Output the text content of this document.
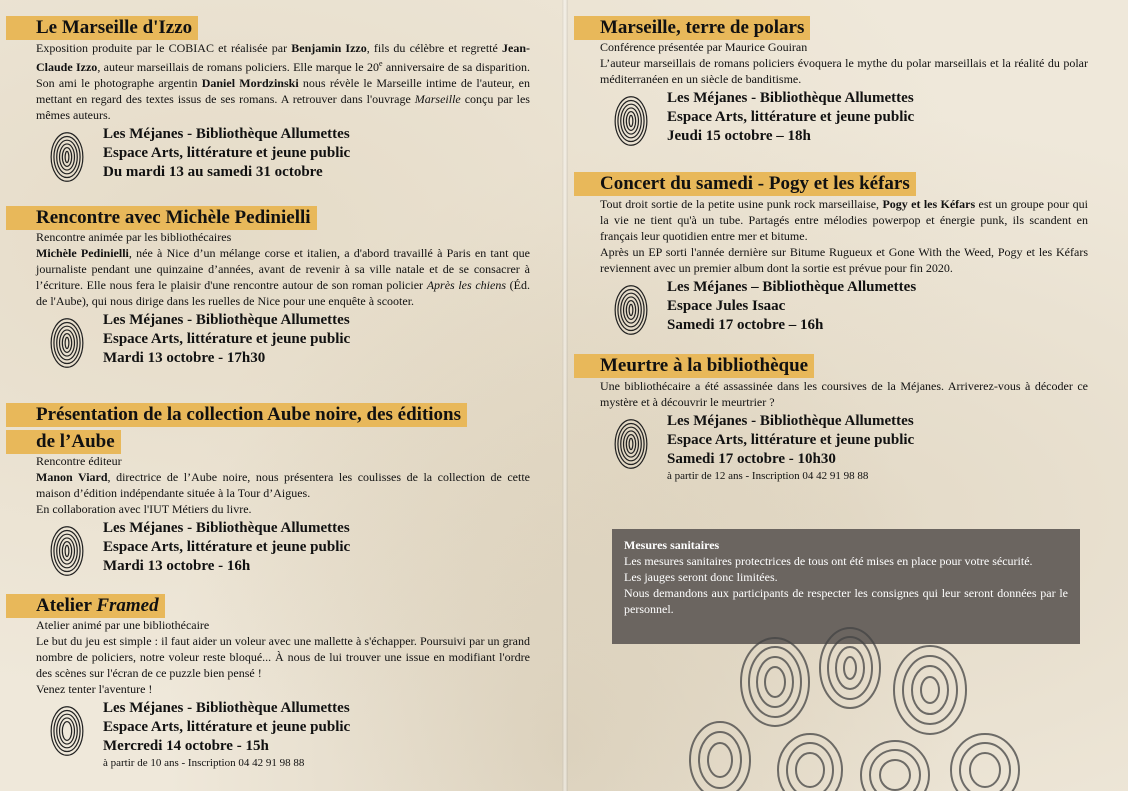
Le Marseille d'Izzo
Exposition produite par le COBIAC et réalisée par Benjamin Izzo, fils du célèbre et regretté Jean-Claude Izzo, auteur marseillais de romans policiers. Elle marque le 20e anniversaire de sa disparition. Son ami le photographe argentin Daniel Mordzinski nous révèle le Marseille intime de l'auteur, en mettant en regard des textes issus de ses romans. A retrouver dans l'ouvrage Marseille conçu par les mêmes auteurs.
Les Méjanes - Bibliothèque Allumettes
Espace Arts, littérature et jeune public
Du mardi 13 au samedi 31 octobre
Rencontre avec Michèle Pedinielli
Rencontre animée par les bibliothécaires
Michèle Pedinielli, née à Nice d’un mélange corse et italien, a d'abord travaillé à Paris en tant que journaliste pendant une quinzaine d’années, avant de revenir à sa ville natale et de se consacrer à l’écriture. Elle nous fera le plaisir d'une rencontre autour de son roman policier Après les chiens (Éd. de l'Aube), qui nous dirige dans les ruelles de Nice pour une enquête à scooter.
Les Méjanes - Bibliothèque Allumettes
Espace Arts, littérature et jeune public
Mardi 13 octobre - 17h30
Présentation de la collection Aube noire, des éditions
de l’Aube
Rencontre éditeur
Manon Viard, directrice de l’Aube noire, nous présentera les coulisses de la collection de cette maison d’édition indépendante située à la Tour d’Aigues.
En collaboration avec l'IUT Métiers du livre.
Les Méjanes - Bibliothèque Allumettes
Espace Arts, littérature et jeune public
Mardi 13 octobre - 16h
Atelier Framed
Atelier animé par une bibliothécaire
Le but du jeu est simple : il faut aider un voleur avec une mallette à s'échapper. Poursuivi par un grand nombre de policiers, notre voleur reste bloqué... À nous de lui trouver une issue en modifiant l'ordre des scènes sur l'écran de ce puzzle bien pensé !
Venez tenter l'aventure !
Les Méjanes - Bibliothèque Allumettes
Espace Arts, littérature et jeune public
Mercredi 14 octobre - 15h
à partir de 10 ans - Inscription 04 42 91 98 88
Marseille, terre de polars
Conférence présentée par Maurice Gouiran
L’auteur marseillais de romans policiers évoquera le mythe du polar marseillais et la réalité du polar méditerranéen en un siècle de banditisme.
Les Méjanes - Bibliothèque Allumettes
Espace Arts, littérature et jeune public
Jeudi 15 octobre – 18h
Concert du samedi - Pogy et les kéfars
Tout droit sortie de la petite usine punk rock marseillaise, Pogy et les Kéfars est un groupe pour qui la vie ne tient qu'à un tube. Partagés entre mélodies powerpop et énergie punk, ils scandent en français leur quotidien entre mer et bitume.
Après un EP sorti l'année dernière sur Bitume Rugueux et Gone With the Weed, Pogy et les Kéfars reviennent avec un premier album dont la sortie est prévue pour fin 2020.
Les Méjanes – Bibliothèque Allumettes
Espace Jules Isaac
Samedi 17 octobre – 16h
Meurtre à la bibliothèque
Une bibliothécaire a été assassinée dans les coursives de la Méjanes. Arriverez-vous à décoder ce mystère et à découvrir le meurtrier ?
Les Méjanes - Bibliothèque Allumettes
Espace Arts, littérature et jeune public
Samedi 17 octobre - 10h30
à partir de 12 ans - Inscription 04 42 91 98 88
Mesures sanitaires
Les mesures sanitaires protectrices de tous ont été mises en place pour votre sécurité.
Les jauges seront donc limitées.
Nous demandons aux participants de respecter les consignes qui leur seront données par le personnel.
